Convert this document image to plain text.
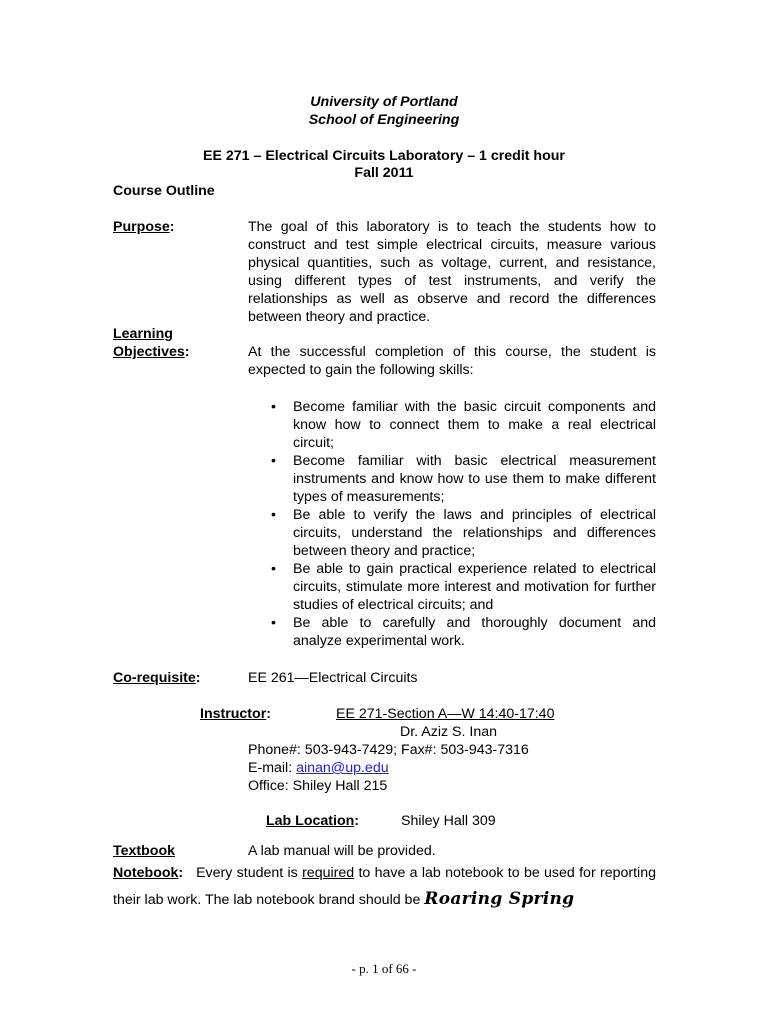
University of Portland
School of Engineering
EE 271 – Electrical Circuits Laboratory – 1 credit hour
Fall 2011
Course Outline
Purpose:	The goal of this laboratory is to teach the students how to construct and test simple electrical circuits, measure various physical quantities, such as voltage, current, and resistance, using different types of test instruments, and verify the relationships as well as observe and record the differences between theory and practice.
Learning
Objectives:	At the successful completion of this course, the student is expected to gain the following skills:
• Become familiar with the basic circuit components and know how to connect them to make a real electrical circuit;
• Become familiar with basic electrical measurement instruments and know how to use them to make different types of measurements;
• Be able to verify the laws and principles of electrical circuits, understand the relationships and differences between theory and practice;
• Be able to gain practical experience related to electrical circuits, stimulate more interest and motivation for further studies of electrical circuits; and
• Be able to carefully and thoroughly document and analyze experimental work.
Co-requisite:	EE 261—Electrical Circuits
Instructor:	EE 271-Section A—W 14:40-17:40
Dr. Aziz S. Inan
Phone#: 503-943-7429; Fax#: 503-943-7316
E-mail: ainan@up.edu
Office: Shiley Hall 215
Lab Location:	Shiley Hall 309
Textbook	A lab manual will be provided.
Notebook: Every student is required to have a lab notebook to be used for reporting their lab work. The lab notebook brand should be Roaring Spring
- p. 1 of 66 -
